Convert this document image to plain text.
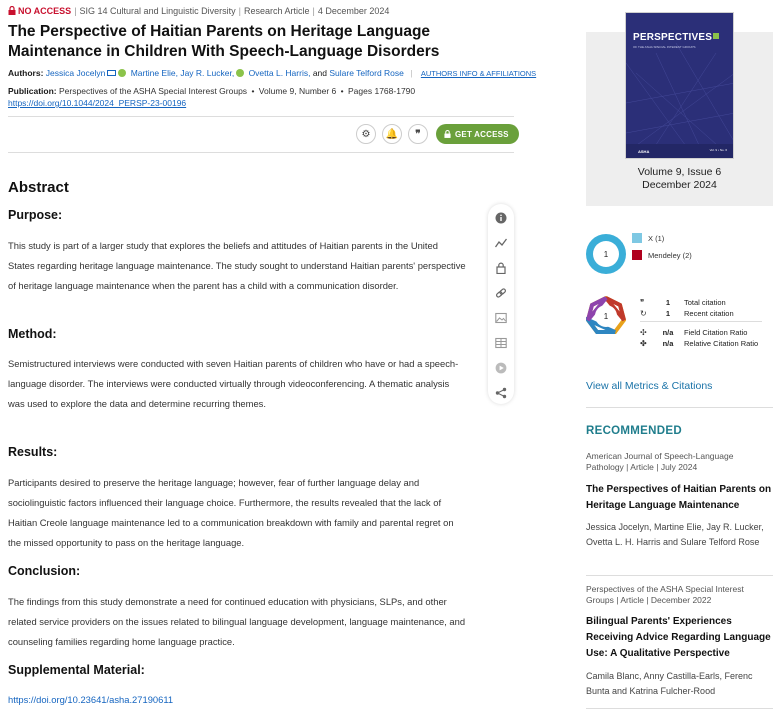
NO ACCESS | SIG 14 Cultural and Linguistic Diversity | Research Article | 4 December 2024
The Perspective of Haitian Parents on Heritage Language Maintenance in Children With Speech-Language Disorders
Authors: Jessica Jocelyn	Martine Elie, Jay R. Lucker, Ovetta L. Harris, and Sulare Telford Rose | AUTHORS INFO & AFFILIATIONS
Publication: Perspectives of the ASHA Special Interest Groups • Volume 9, Number 6 • Pages 1768-1790
https://doi.org/10.1044/2024_PERSP-23-00196
⚙ 🔔 ❞	GET ACCESS
Abstract
Purpose:

This study is part of a larger study that explores the beliefs and attitudes of Haitian parents in the United States regarding heritage language maintenance. The study sought to understand Haitian parents' perspective of heritage language maintenance when the parent has a child with a communication disorder.

Method:

Semistructured interviews were conducted with seven Haitian parents of children who have or had a speech-language disorder. The interviews were conducted virtually through videoconferencing. A thematic analysis was used to explore the data and determine recurring themes.

Results:

Participants desired to preserve the heritage language; however, fear of further language delay and sociolinguistic factors influenced their language choice. Furthermore, the results revealed that the lack of Haitian Creole language maintenance led to a communication breakdown with family and parental regret on the missed opportunity to pass on the heritage language.

Conclusion:

The findings from this study demonstrate a need for continued education with physicians, SLPs, and other related service providers on the issues related to bilingual language development, language maintenance, and counseling families regarding home language practice.

Supplemental Material:
https://doi.org/10.23641/asha.27190611
PERSPECTIVES
OF THE ASHA SPECIAL INTEREST GROUPS
ASHA	Vol. 9 • No. 6
Volume 9, Issue 6
December 2024
1
X (1)
Mendeley (2)
1
❞	1	Total citation
↻	1	Recent citation
✣	n/a	Field Citation Ratio
✤	n/a	Relative Citation Ratio
View all Metrics & Citations
RECOMMENDED
American Journal of Speech-Language Pathology | Article | July 2024
The Perspectives of Haitian Parents on Heritage Language Maintenance
Jessica Jocelyn, Martine Elie, Jay R. Lucker, Ovetta L. H. Harris and Sulare Telford Rose
Perspectives of the ASHA Special Interest Groups | Article | December 2022
Bilingual Parents' Experiences Receiving Advice Regarding Language Use: A Qualitative Perspective
Camila Blanc, Anny Castilla-Earls, Ferenc Bunta and Katrina Fulcher-Rood
